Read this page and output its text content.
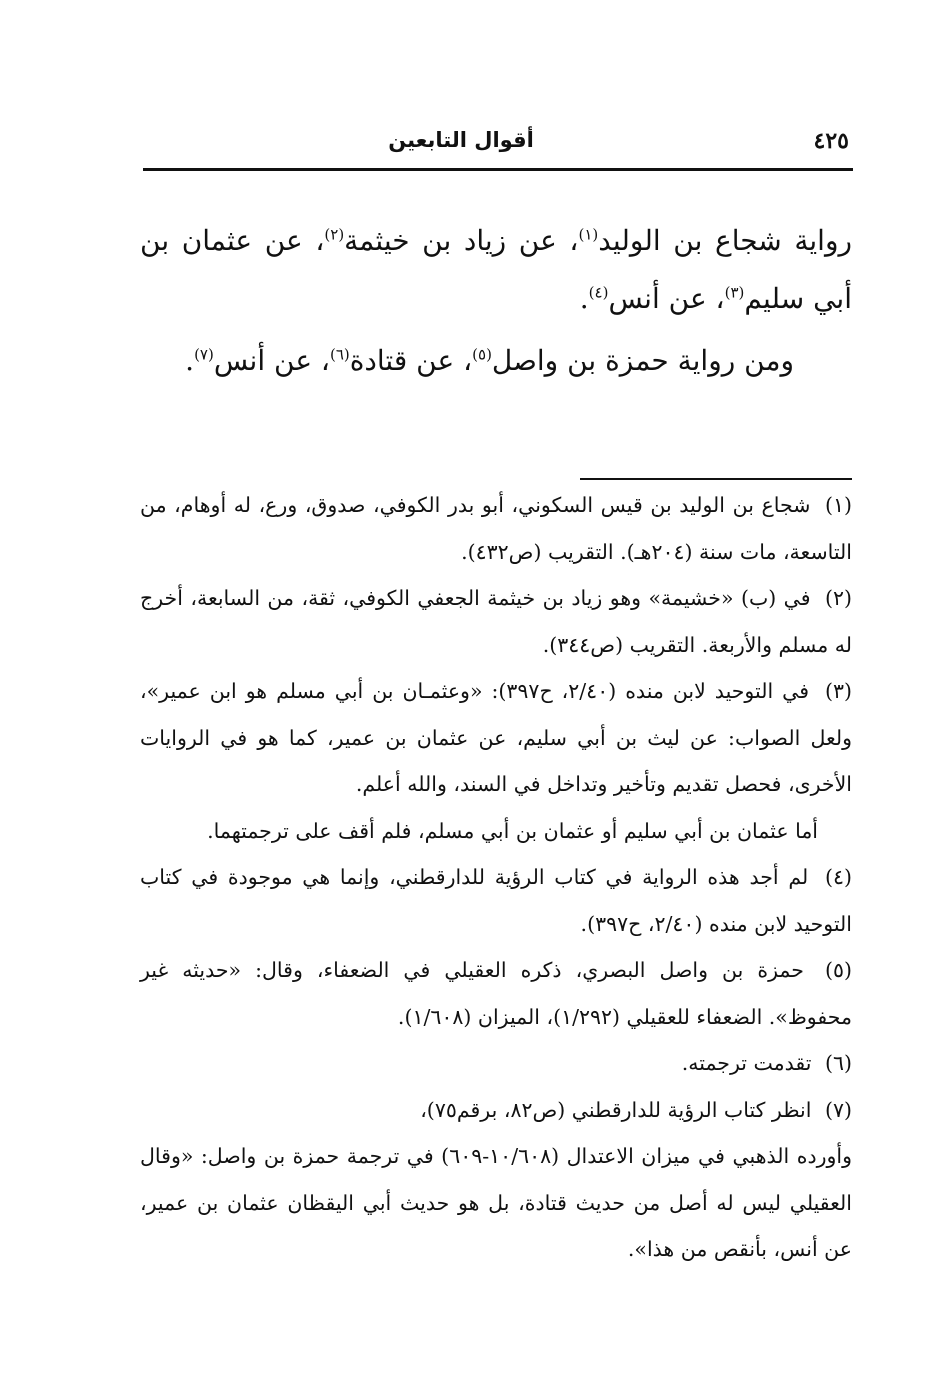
٤٢٥
أقوال التابعين

رواية شجاع بن الوليد$^{(١)}$، عن زياد بن خيثمة$^{(٢)}$، عن عثمان بن أبي سليم$^{(٣)}$، عن أنس$^{(٤)}$.

ومن رواية حمزة بن واصل$^{(٥)}$، عن قتادة$^{(٦)}$، عن أنس$^{(٧)}$.

(١) شجاع بن الوليد بن قيس السكوني، أبو بدر الكوفي، صدوق، ورع، له أوهام، من التاسعة، مات سنة (٢٠٤هـ). التقريب (ص٤٣٢).

(٢) في (ب) «خشيمة» وهو زياد بن خيثمة الجعفي الكوفي، ثقة، من السابعة، أخرج له مسلم والأربعة. التقريب (ص٣٤٤).

(٣) في التوحيد لابن منده (٢/٤٠، ح٣٩٧): «وعثمـان بن أبي مسلم هو ابن عمير»، ولعل الصواب: عن ليث بن أبي سليم، عن عثمان بن عمير، كما هو في الروايات الأخرى، فحصل تقديم وتأخير وتداخل في السند، والله أعلم.

أما عثمان بن أبي سليم أو عثمان بن أبي مسلم، فلم أقف على ترجمتهما.

(٤) لم أجد هذه الرواية في كتاب الرؤية للدارقطني، وإنما هي موجودة في كتاب التوحيد لابن منده (٢/٤٠، ح٣٩٧).

(٥) حمزة بن واصل البصري، ذكره العقيلي في الضعفاء، وقال: «حديثه غير محفوظ». الضعفاء للعقيلي (١/٢٩٢)، الميزان (١/٦٠٨).

(٦) تقدمت ترجمته.

(٧) انظر كتاب الرؤية للدارقطني (ص٨٢، برقم٧٥)،

وأورده الذهبي في ميزان الاعتدال (١٠/٦٠٨-٦٠٩) في ترجمة حمزة بن واصل: «وقال العقيلي ليس له أصل من حديث قتادة، بل هو حديث أبي اليقظان عثمان بن عمير، عن أنس، بأنقص من هذا».
